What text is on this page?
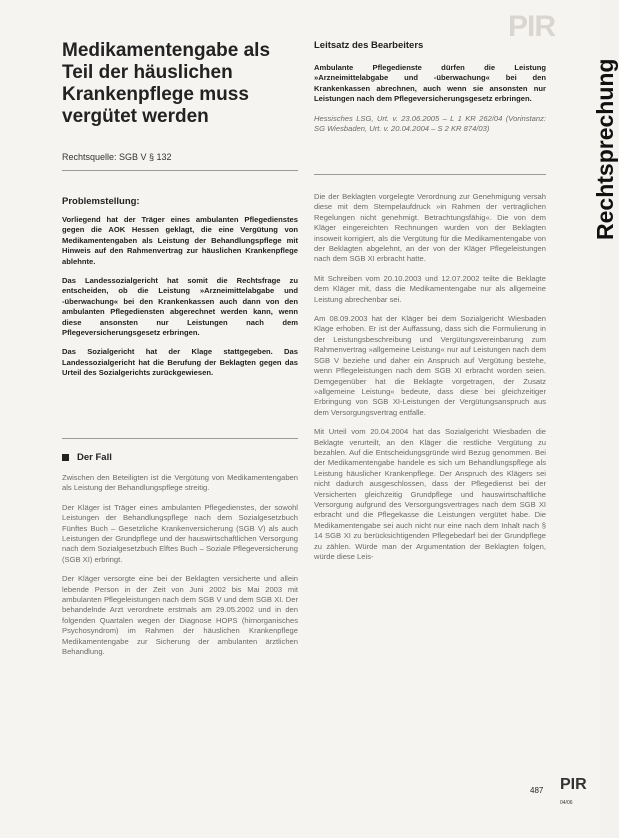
PIR
Medikamentengabe als Teil der häuslichen Krankenpflege muss vergütet werden
Rechtsquelle: SGB V § 132
Problemstellung:

Vorliegend hat der Träger eines ambulanten Pflegedienstes gegen die AOK Hessen geklagt, die eine Vergütung von Medikamentengaben als Leistung der Behandlungspflege mit Hinweis auf den Rahmenvertrag zur häuslichen Krankenpflege ablehnte.

Das Landessozialgericht hat somit die Rechtsfrage zu entscheiden, ob die Leistung »Arzneimittelabgabe und -überwachung« bei den Krankenkassen auch dann von den ambulanten Pflegediensten abgerechnet werden kann, wenn diese ansonsten nur Leistungen nach dem Pflegeversicherungsgesetz erbringen.

Das Sozialgericht hat der Klage stattgegeben. Das Landessozialgericht hat die Berufung der Beklagten gegen das Urteil des Sozialgerichts zurückgewiesen.

Der Fall

Zwischen den Beteiligten ist die Vergütung von Medikamentengaben als Leistung der Behandlungspflege streitig.

Der Kläger ist Träger eines ambulanten Pflegedienstes, der sowohl Leistungen der Behandlungspflege nach dem Sozialgesetzbuch Fünftes Buch – Gesetzliche Krankenversicherung (SGB V) als auch Leistungen der Grundpflege und der hauswirtschaftlichen Versorgung nach dem Sozialgesetzbuch Elftes Buch – Soziale Pflegeversicherung (SGB XI) erbringt.

Der Kläger versorgte eine bei der Beklagten versicherte und allein lebende Person in der Zeit von Juni 2002 bis Mai 2003 mit ambulanten Pflegeleistungen nach dem SGB V und dem SGB XI. Der behandelnde Arzt verordnete erstmals am 29.05.2002 und in den folgenden Quartalen wegen der Diagnose HOPS (hirnorganisches Psychosyndrom) im Rahmen der häuslichen Krankenpflege Medikamentengabe zur Sicherung der ambulanten ärztlichen Behandlung.

Leitsatz des Bearbeiters

Ambulante Pflegedienste dürfen die Leistung »Arzneimittelabgabe und -überwachung« bei den Krankenkassen abrechnen, auch wenn sie ansonsten nur Leistungen nach dem Pflegeversicherungsgesetz erbringen.

Hessisches LSG, Urt. v. 23.06.2005 – L 1 KR 262/04 (Vorinstanz: SG Wiesbaden, Urt. v. 20.04.2004 – S 2 KR 874/03)

Die der Beklagten vorgelegte Verordnung zur Genehmigung versah diese mit dem Stempelaufdruck »in Rahmen der vertraglichen Regelungen nicht genehmigt. Betrachtungsfähig«. Die von dem Kläger eingereichten Rechnungen wurden von der Beklagten insoweit korrigiert, als die Vergütung für die Medikamentengabe von der Beklagten abgelehnt, an der von der Kläger Pflegeleistungen nach dem SGB XI erbracht hatte.

Mit Schreiben vom 20.10.2003 und 12.07.2002 teilte die Beklagte dem Kläger mit, dass die Medikamentengabe nur als allgemeine Leistung abrechenbar sei.

Am 08.09.2003 hat der Kläger bei dem Sozialgericht Wiesbaden Klage erhoben. Er ist der Auffassung, dass sich die Formulierung in der Leistungsbeschreibung und Vergütungsvereinbarung zum Rahmenvertrag »allgemeine Leistung« nur auf Leistungen nach dem SGB V beziehe und daher ein Anspruch auf Vergütung bestehe, wenn Pflegeleistungen nach dem SGB XI erbracht worden seien. Demgegenüber hat die Beklagte vorgetragen, der Zusatz »allgemeine Leistung« bedeute, dass diese bei gleichzeitiger Erbringung von SGB XI-Leistungen der Vergütungsanspruch aus dem Versorgungsvertrag entfalle.

Mit Urteil vom 20.04.2004 hat das Sozialgericht Wiesbaden die Beklagte verurteilt, an den Kläger die restliche Vergütung zu bezahlen. Auf die Entscheidungsgründe wird Bezug genommen. Bei der Medikamentengabe handele es sich um Behandlungspflege als Leistung häuslicher Krankenpflege. Der Anspruch des Klägers sei nicht dadurch ausgeschlossen, dass der Pflegedienst bei der Versicherten gleichzeitig Grundpflege und hauswirtschaftliche Versorgung aufgrund des Versorgungsvertrages nach dem SGB XI erbracht und die Pflegekasse die Leistungen vergütet habe. Die Medikamentengabe sei auch nicht nur eine nach dem Inhalt nach § 14 SGB XI zu berücksichtigenden Pflegebedarf bei der Grundpflege zu zählen. Würde man der Argumentation der Beklagten folgen, würde diese Leis-

Rechtsprechung
487 PIR 04/06
